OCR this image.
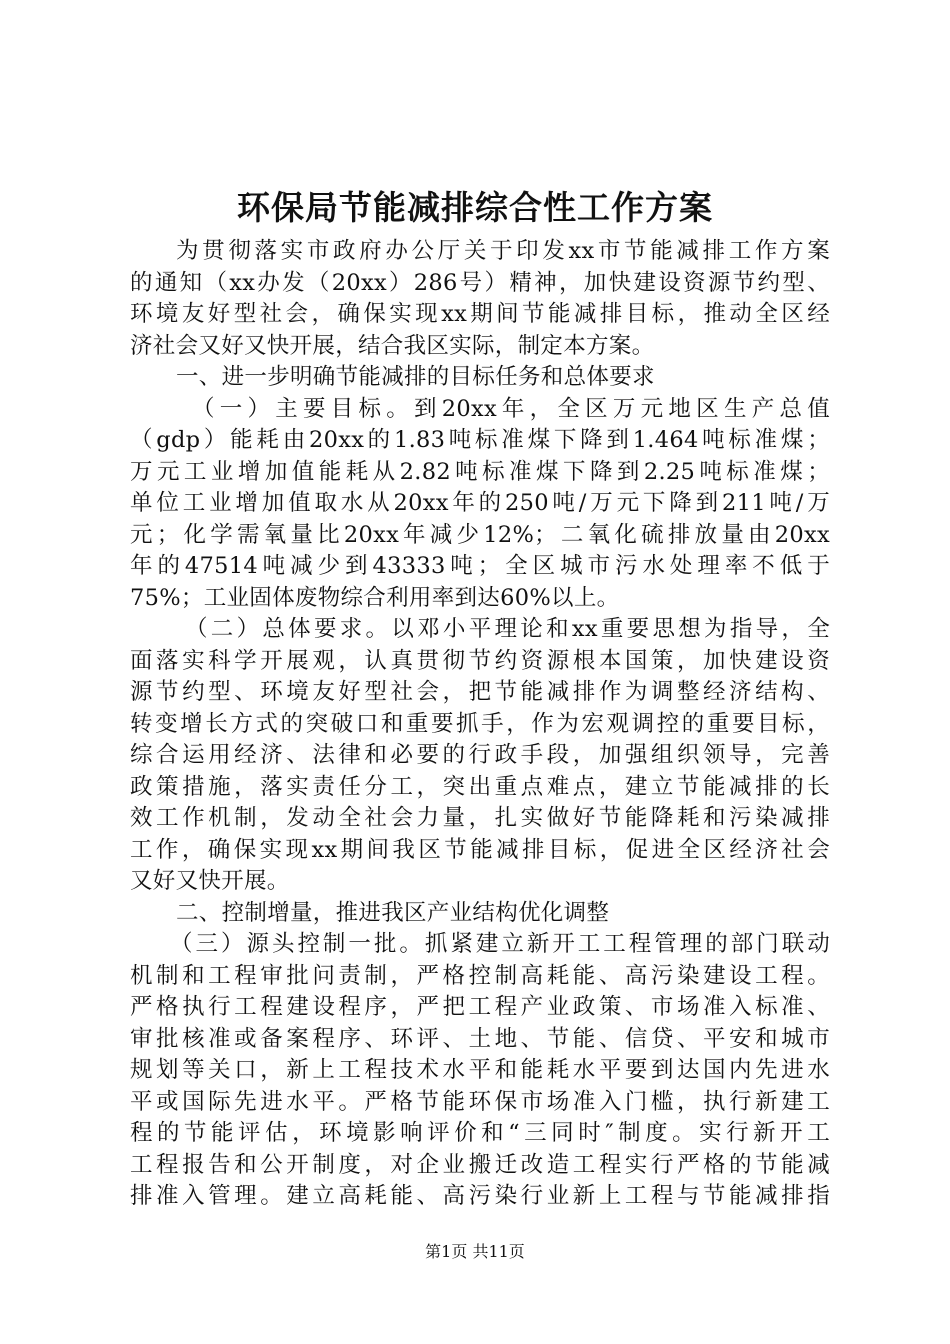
环保局节能减排综合性工作方案
为贯彻落实市政府办公厅关于印发xx市节能减排工作方案
的通知（xx办发（20xx）286号）精神，加快建设资源节约型、
环境友好型社会，确保实现xx期间节能减排目标，推动全区经
济社会又好又快开展，结合我区实际，制定本方案。
一、进一步明确节能减排的目标任务和总体要求
（一）主要目标。到20xx年，全区万元地区生产总值
（gdp）能耗由20xx的1.83吨标准煤下降到1.464吨标准煤；
万元工业增加值能耗从2.82吨标准煤下降到2.25吨标准煤；
单位工业增加值取水从20xx年的250吨/万元下降到211吨/万
元；化学需氧量比20xx年减少12%；二氧化硫排放量由20xx
年的47514吨减少到43333吨；全区城市污水处理率不低于
75%；工业固体废物综合利用率到达60%以上。
（二）总体要求。以邓小平理论和xx重要思想为指导，全
面落实科学开展观，认真贯彻节约资源根本国策，加快建设资
源节约型、环境友好型社会，把节能减排作为调整经济结构、
转变增长方式的突破口和重要抓手，作为宏观调控的重要目标，
综合运用经济、法律和必要的行政手段，加强组织领导，完善
政策措施，落实责任分工，突出重点难点，建立节能减排的长
效工作机制，发动全社会力量，扎实做好节能降耗和污染减排
工作，确保实现xx期间我区节能减排目标，促进全区经济社会
又好又快开展。
二、控制增量，推进我区产业结构优化调整
（三）源头控制一批。抓紧建立新开工工程管理的部门联动
机制和工程审批问责制，严格控制高耗能、高污染建设工程。
严格执行工程建设程序，严把工程产业政策、市场准入标准、
审批核准或备案程序、环评、土地、节能、信贷、平安和城市
规划等关口，新上工程技术水平和能耗水平要到达国内先进水
平或国际先进水平。严格节能环保市场准入门槛，执行新建工
程的节能评估，环境影响评价和“三同时″制度。实行新开工
工程报告和公开制度，对企业搬迁改造工程实行严格的节能减
排准入管理。建立高耗能、高污染行业新上工程与节能减排指
第1页 共11页
